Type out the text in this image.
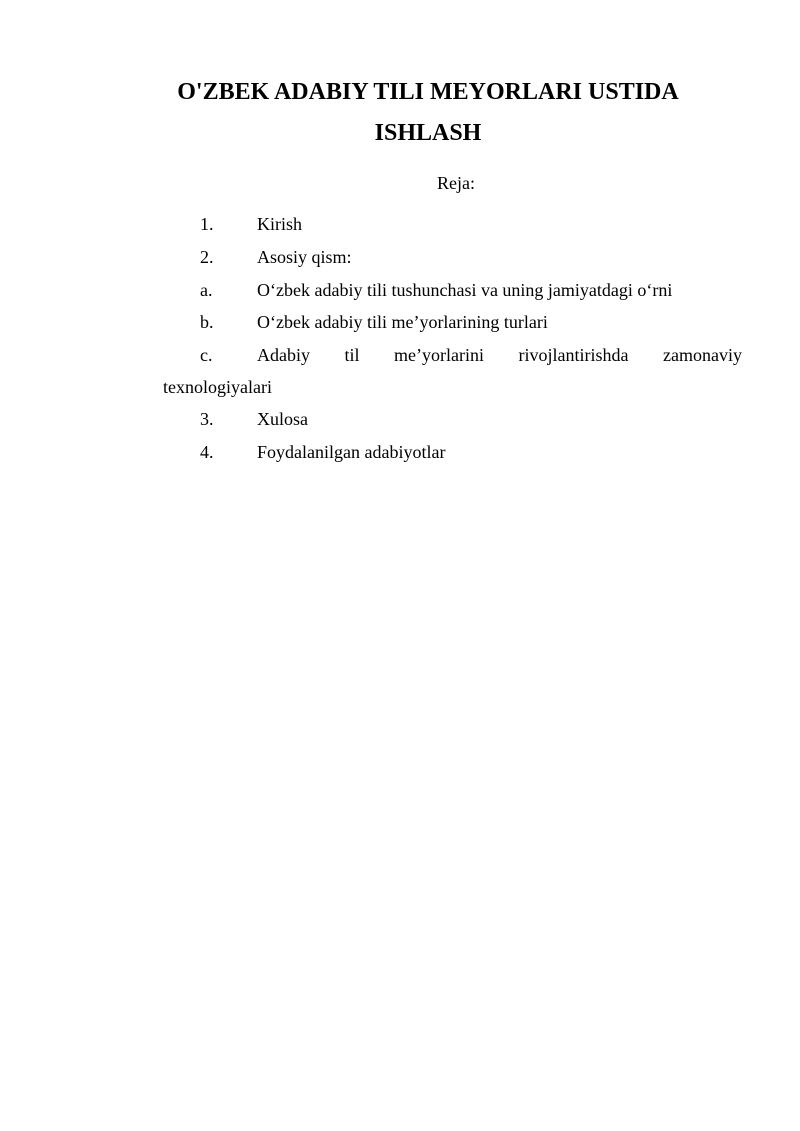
O'ZBEK ADABIY TILI MEYORLARI USTIDA
ISHLASH
Reja:
1. Kirish
2. Asosiy qism:
a. O‘zbek adabiy tili tushunchasi va uning jamiyatdagi o‘rni
b. O‘zbek adabiy tili me’yorlarining turlari
c. Adabiy til me’yorlarini rivojlantirishda zamonaviy
texnologiyalari
3. Xulosa
4. Foydalanilgan adabiyotlar
